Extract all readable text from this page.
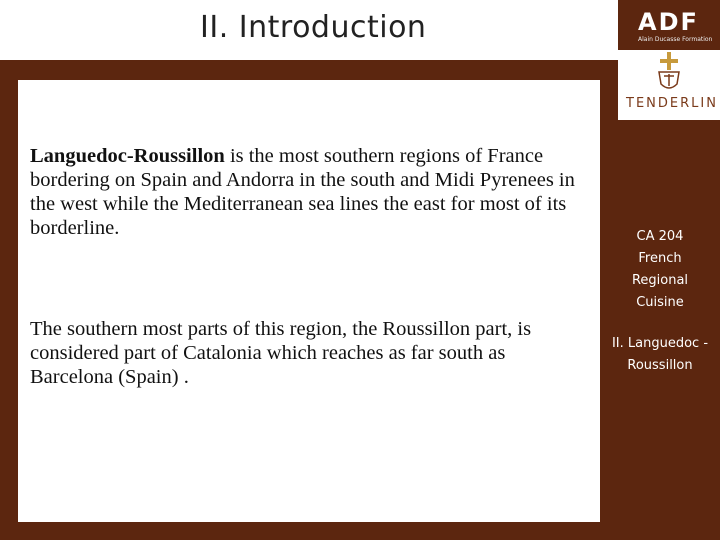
II. Introduction	ADF
Alain Ducasse Formation
TENDERLIN
Languedoc-Roussillon is the most southern regions of France bordering on Spain and Andorra in the south and Midi Pyrenees in the west while the Mediterranean sea lines the east for most of its borderline.
The southern most parts of this region, the Roussillon part, is considered part of Catalonia which reaches as far south as Barcelona (Spain) .
CA 204
French
Regional
Cuisine
II. Languedoc -
Roussillon
